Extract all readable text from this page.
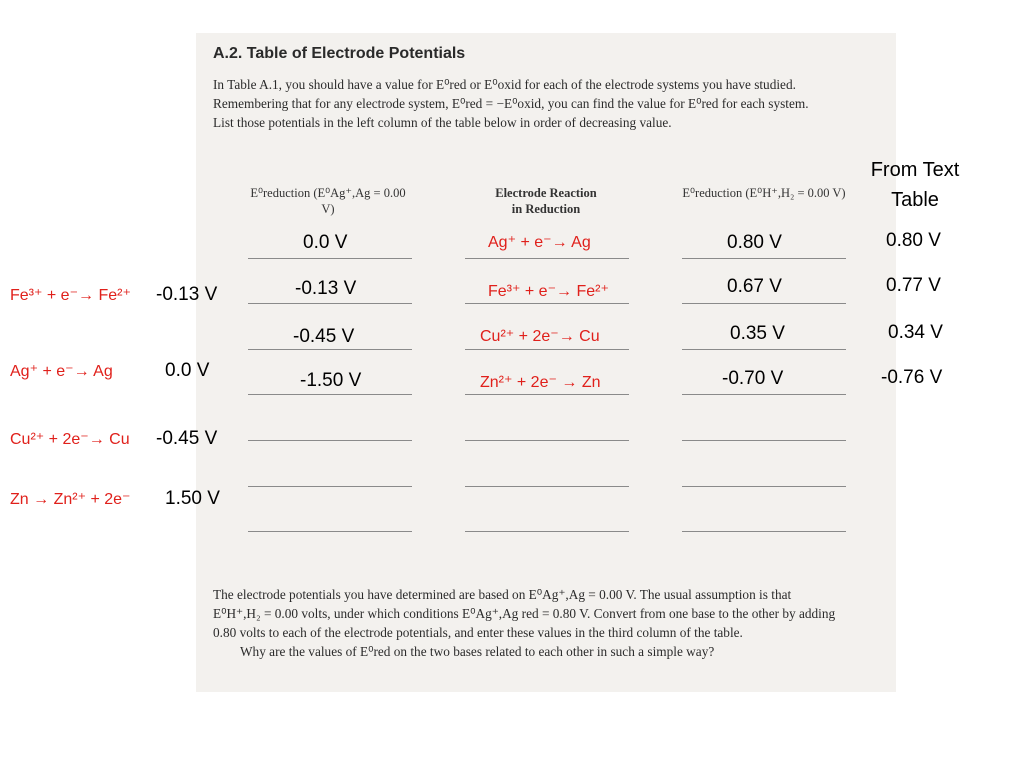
A.2. Table of Electrode Potentials

In Table A.1, you should have a value for E⁰red or E⁰oxid for each of the electrode systems you have studied.

Remembering that for any electrode system, E⁰red = −E⁰oxid, you can find the value for E⁰red for each system.

List those potentials in the left column of the table below in order of decreasing value.

E⁰reduction (E⁰Ag⁺,Ag = 0.00 V)
Electrode Reaction
in Reduction
E⁰reduction (E⁰H⁺,H₂ = 0.00 V)

The electrode potentials you have determined are based on E⁰Ag⁺,Ag = 0.00 V. The usual assumption is that

E⁰H⁺,H₂ = 0.00 volts, under which conditions E⁰Ag⁺,Ag red = 0.80 V. Convert from one base to the other by adding

0.80 volts to each of the electrode potentials, and enter these values in the third column of the table.

Why are the values of E⁰red on the two bases related to each other in such a simple way?

0.0 V
-0.13 V
-0.45 V
-1.50 V
Ag⁺ + e⁻→ Ag
Fe³⁺ + e⁻→ Fe²⁺
Cu²⁺ + 2e⁻→ Cu
Zn²⁺ + 2e⁻ → Zn
0.80 V
0.67 V
0.35 V
-0.70 V
From Text
Table
0.80 V
0.77 V
0.34 V
-0.76 V
Fe³⁺ + e⁻→ Fe²⁺ -0.13 V
Ag⁺ + e⁻→ Ag	0.0 V
Cu²⁺ + 2e⁻→ Cu -0.45 V
Zn → Zn²⁺ + 2e⁻ 1.50 V
